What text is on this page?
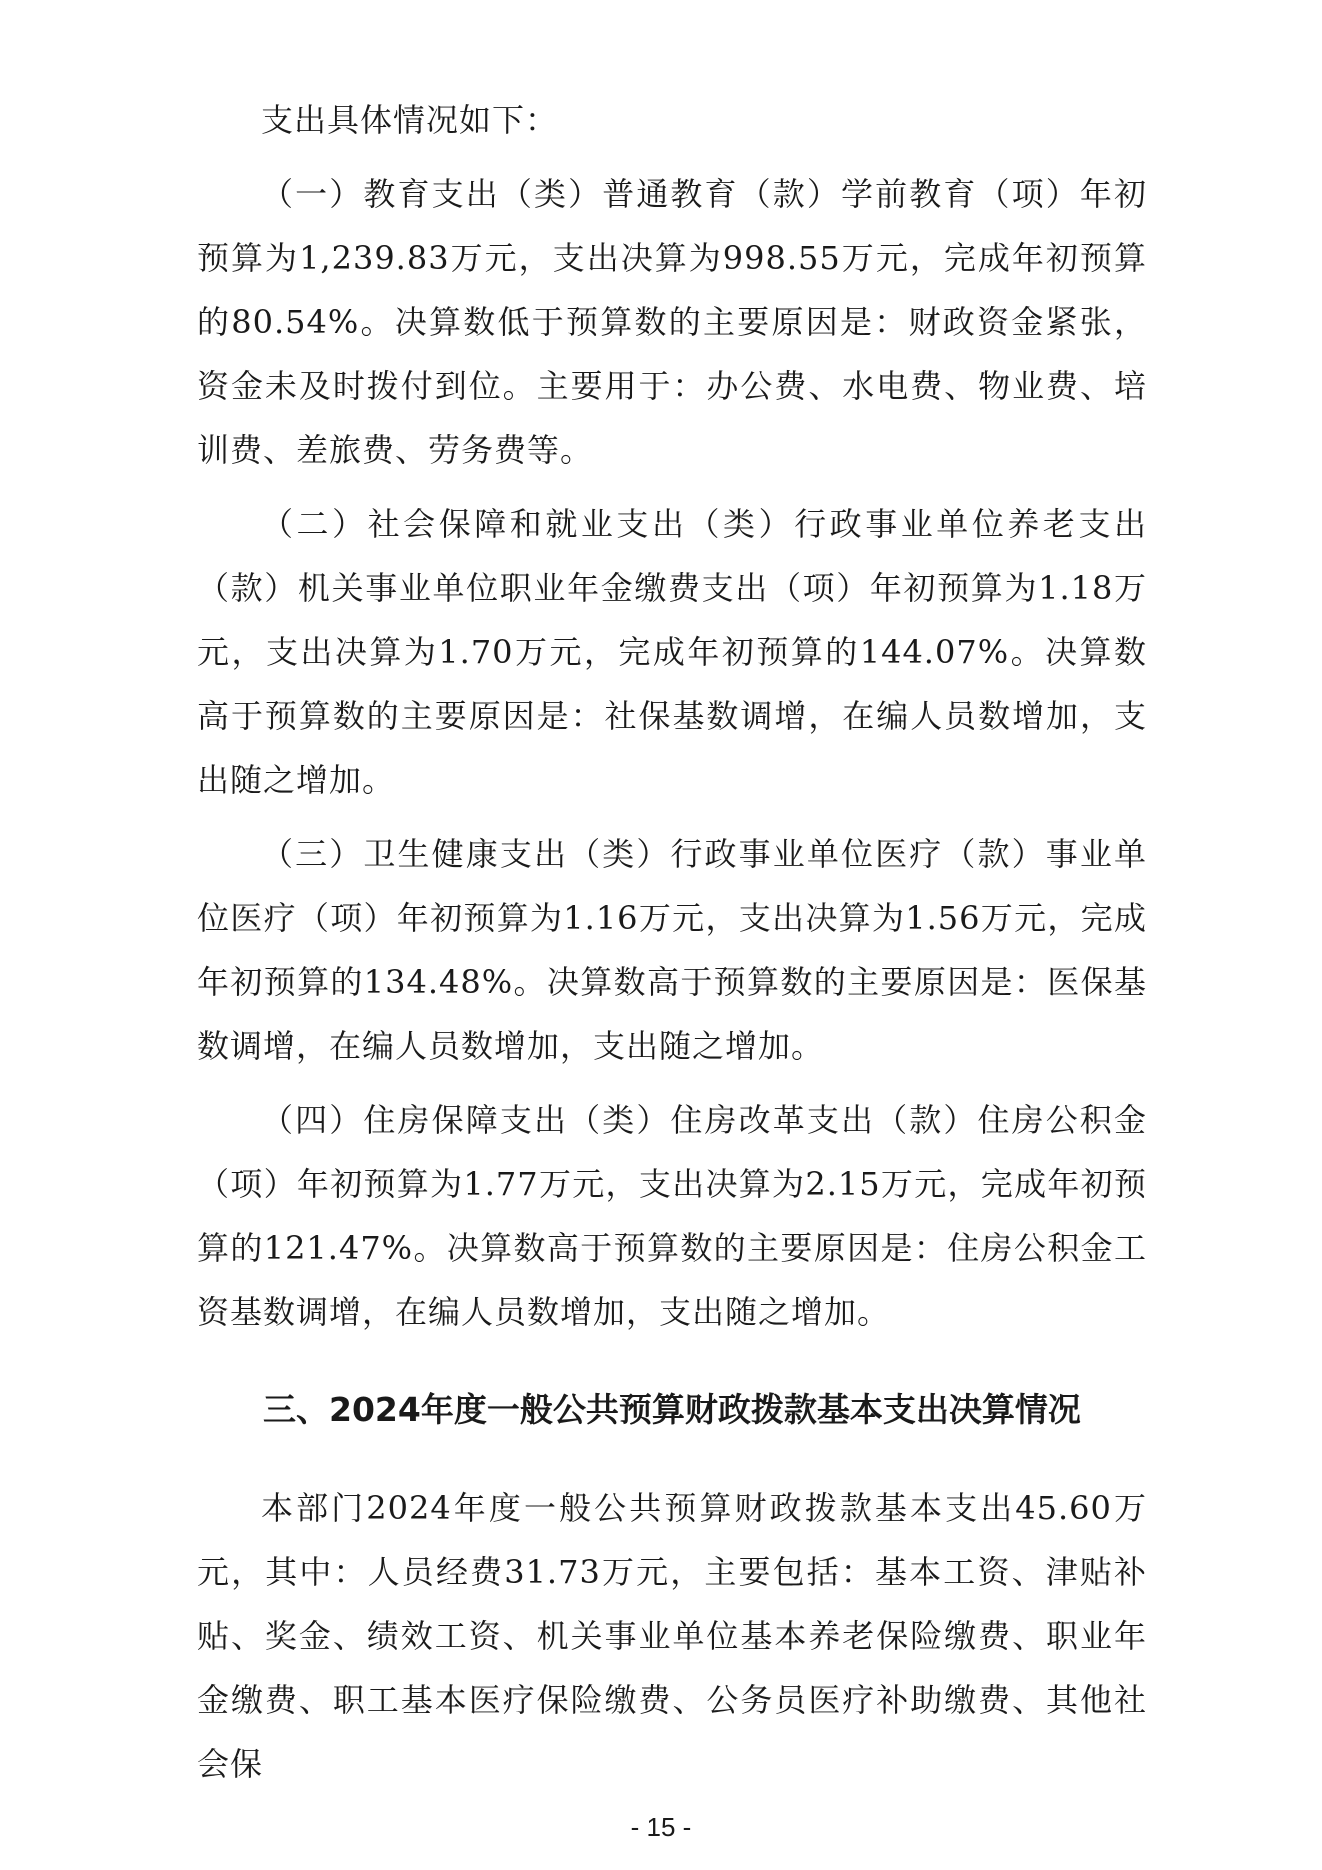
支出具体情况如下：

（一）教育支出（类）普通教育（款）学前教育（项）年初预算为1,239.83万元，支出决算为998.55万元，完成年初预算的80.54%。决算数低于预算数的主要原因是：财政资金紧张，资金未及时拨付到位。主要用于：办公费、水电费、物业费、培训费、差旅费、劳务费等。

（二）社会保障和就业支出（类）行政事业单位养老支出（款）机关事业单位职业年金缴费支出（项）年初预算为1.18万元，支出决算为1.70万元，完成年初预算的144.07%。决算数高于预算数的主要原因是：社保基数调增，在编人员数增加，支出随之增加。

（三）卫生健康支出（类）行政事业单位医疗（款）事业单位医疗（项）年初预算为1.16万元，支出决算为1.56万元，完成年初预算的134.48%。决算数高于预算数的主要原因是：医保基数调增，在编人员数增加，支出随之增加。

（四）住房保障支出（类）住房改革支出（款）住房公积金（项）年初预算为1.77万元，支出决算为2.15万元，完成年初预算的121.47%。决算数高于预算数的主要原因是：住房公积金工资基数调增，在编人员数增加，支出随之增加。

三、2024年度一般公共预算财政拨款基本支出决算情况

本部门2024年度一般公共预算财政拨款基本支出45.60万元，其中：人员经费31.73万元，主要包括：基本工资、津贴补贴、奖金、绩效工资、机关事业单位基本养老保险缴费、职业年金缴费、职工基本医疗保险缴费、公务员医疗补助缴费、其他社会保

- 15 -
